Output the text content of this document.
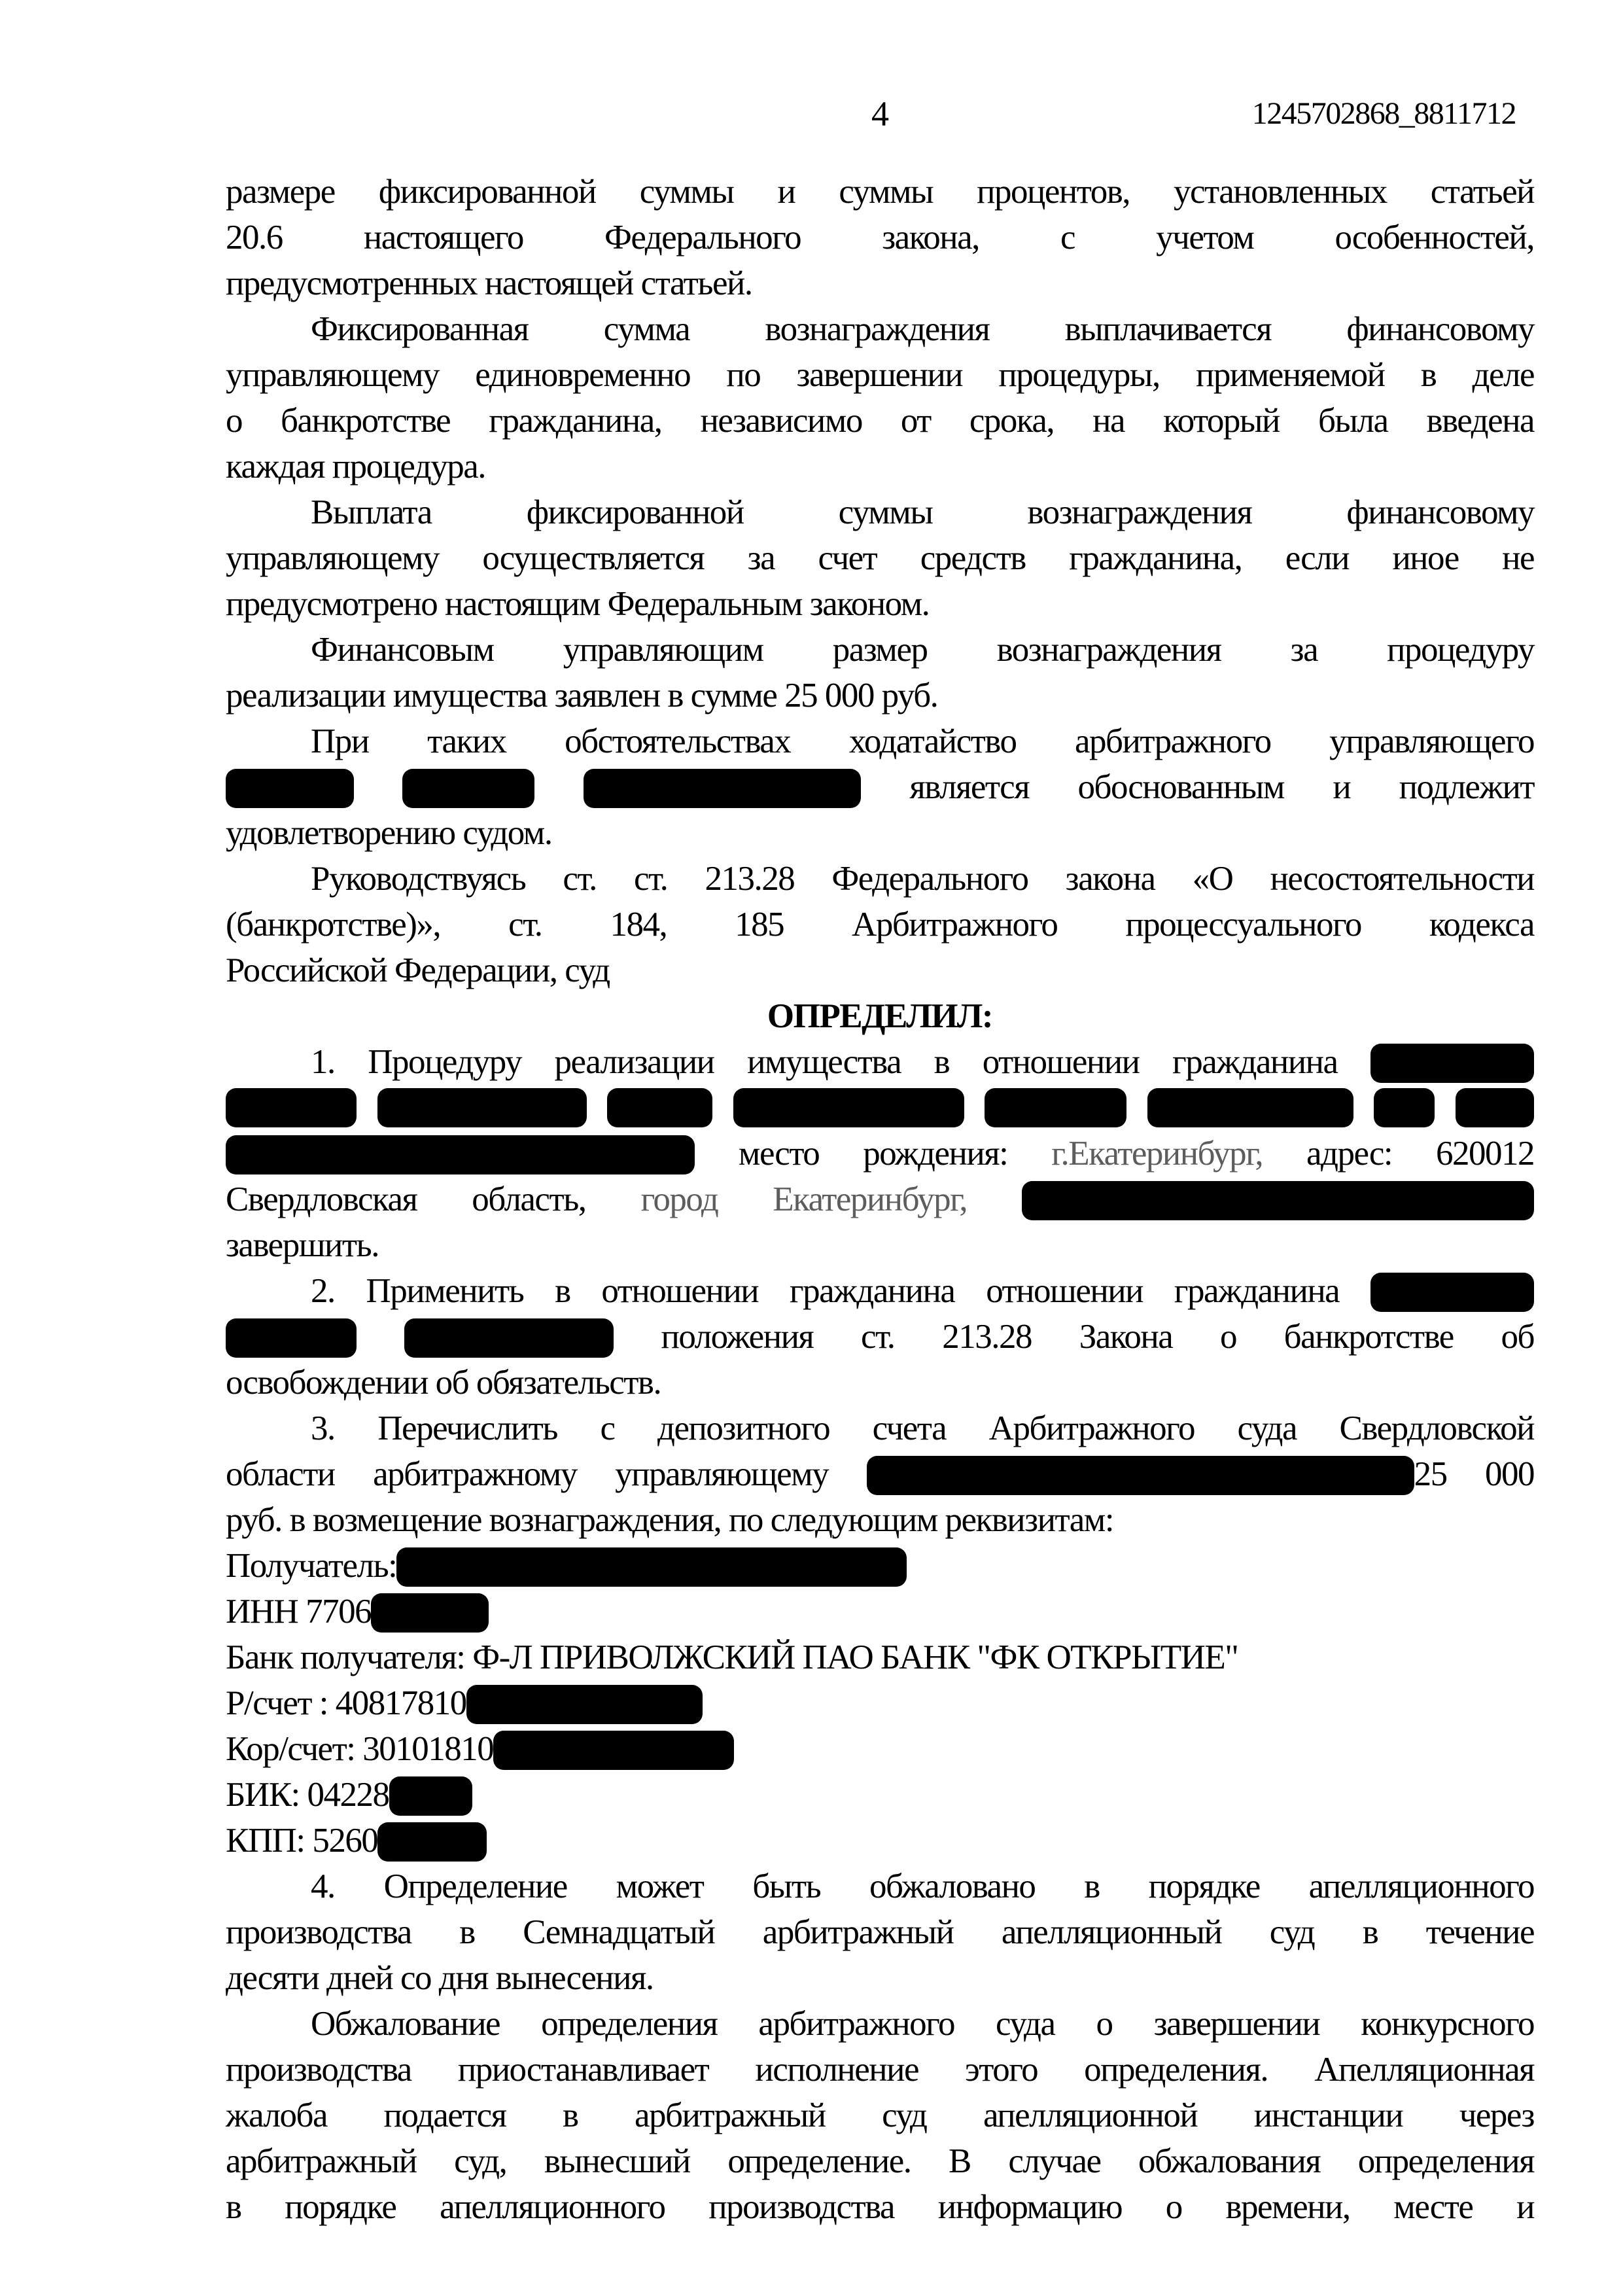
4	1245702868_8811712
размере фиксированной суммы и суммы процентов, установленных статьей
20.6 настоящего Федерального закона, с учетом особенностей,
предусмотренных настоящей статьей.
Фиксированная сумма вознаграждения выплачивается финансовому
управляющему единовременно по завершении процедуры, применяемой в деле
о банкротстве гражданина, независимо от срока, на который была введена
каждая процедура.
Выплата фиксированной суммы вознаграждения финансовому
управляющему осуществляется за счет средств гражданина, если иное не
предусмотрено настоящим Федеральным законом.
Финансовым управляющим размер вознаграждения за процедуру
реализации имущества заявлен в сумме 25 000 руб.
При таких обстоятельствах ходатайство арбитражного управляющего
является обоснованным и подлежит
удовлетворению судом.
Руководствуясь ст. ст. 213.28 Федерального закона «О несостоятельности
(банкротстве)», ст. 184, 185 Арбитражного процессуального кодекса
Российской Федерации, суд
ОПРЕДЕЛИЛ:
1. Процедуру реализации имущества в отношении гражданина
место рождения: г.Екатеринбург, адрес: 620012
Свердловская область, город Екатеринбург,
завершить.
2. Применить в отношении гражданина отношении гражданина
положения ст. 213.28 Закона о банкротстве об
освобождении об обязательств.
3. Перечислить с депозитного счета Арбитражного суда Свердловской
области арбитражному управляющему	25 000
руб. в возмещение вознаграждения, по следующим реквизитам:
Получатель:
ИНН 7706
Банк получателя: Ф-Л ПРИВОЛЖСКИЙ ПАО БАНК "ФК ОТКРЫТИЕ"
Р/счет : 40817810
Кор/счет: 30101810
БИК: 04228
КПП: 5260
4. Определение может быть обжаловано в порядке апелляционного
производства в Семнадцатый арбитражный апелляционный суд в течение
десяти дней со дня вынесения.
Обжалование определения арбитражного суда о завершении конкурсного
производства приостанавливает исполнение этого определения. Апелляционная
жалоба подается в арбитражный суд апелляционной инстанции через
арбитражный суд, вынесший определение. В случае обжалования определения
в порядке апелляционного производства информацию о времени, месте и
